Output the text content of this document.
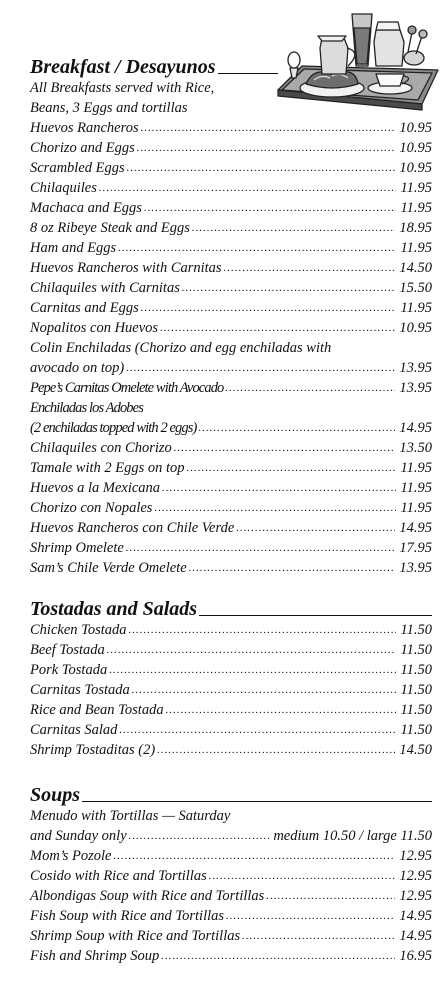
Breakfast / Desayunos
All Breakfasts served with Rice,
Beans, 3 Eggs and tortillas
Huevos Rancheros .....	10.95
Chorizo and Eggs .....	10.95
Scrambled Eggs .....	10.95
Chilaquiles .....	11.95
Machaca and Eggs .....	11.95
8 oz Ribeye Steak and Eggs .....	18.95
Ham and Eggs .....	11.95
Huevos Rancheros with Carnitas .....	14.50
Chilaquiles with Carnitas .....	15.50
Carnitas and Eggs .....	11.95
Nopalitos con Huevos .....	10.95
Colin Enchiladas (Chorizo and egg enchiladas with
avocado on top) .....	13.95
Pepe’s Carnitas Omelete with Avocado .....	13.95
Enchiladas los Adobes
(2 enchiladas topped with 2 eggs) .....	14.95
Chilaquiles con Chorizo .....	13.50
Tamale with 2 Eggs on top .....	11.95
Huevos a la Mexicana .....	11.95
Chorizo con Nopales .....	11.95
Huevos Rancheros con Chile Verde .....	14.95
Shrimp Omelete .....	17.95
Sam’s Chile Verde Omelete .....	13.95
Tostadas and Salads
Chicken Tostada .....	11.50
Beef Tostada .....	11.50
Pork Tostada .....	11.50
Carnitas Tostada .....	11.50
Rice and Bean Tostada .....	11.50
Carnitas Salad .....	11.50
Shrimp Tostaditas (2) .....	14.50
Soups
Menudo with Tortillas — Saturday
and Sunday only .....	medium 10.50 / large 11.50
Mom’s Pozole .....	12.95
Cosido with Rice and Tortillas .....	12.95
Albondigas Soup with Rice and Tortillas .....	12.95
Fish Soup with Rice and Tortillas .....	14.95
Shrimp Soup with Rice and Tortillas .....	14.95
Fish and Shrimp Soup .....	16.95
